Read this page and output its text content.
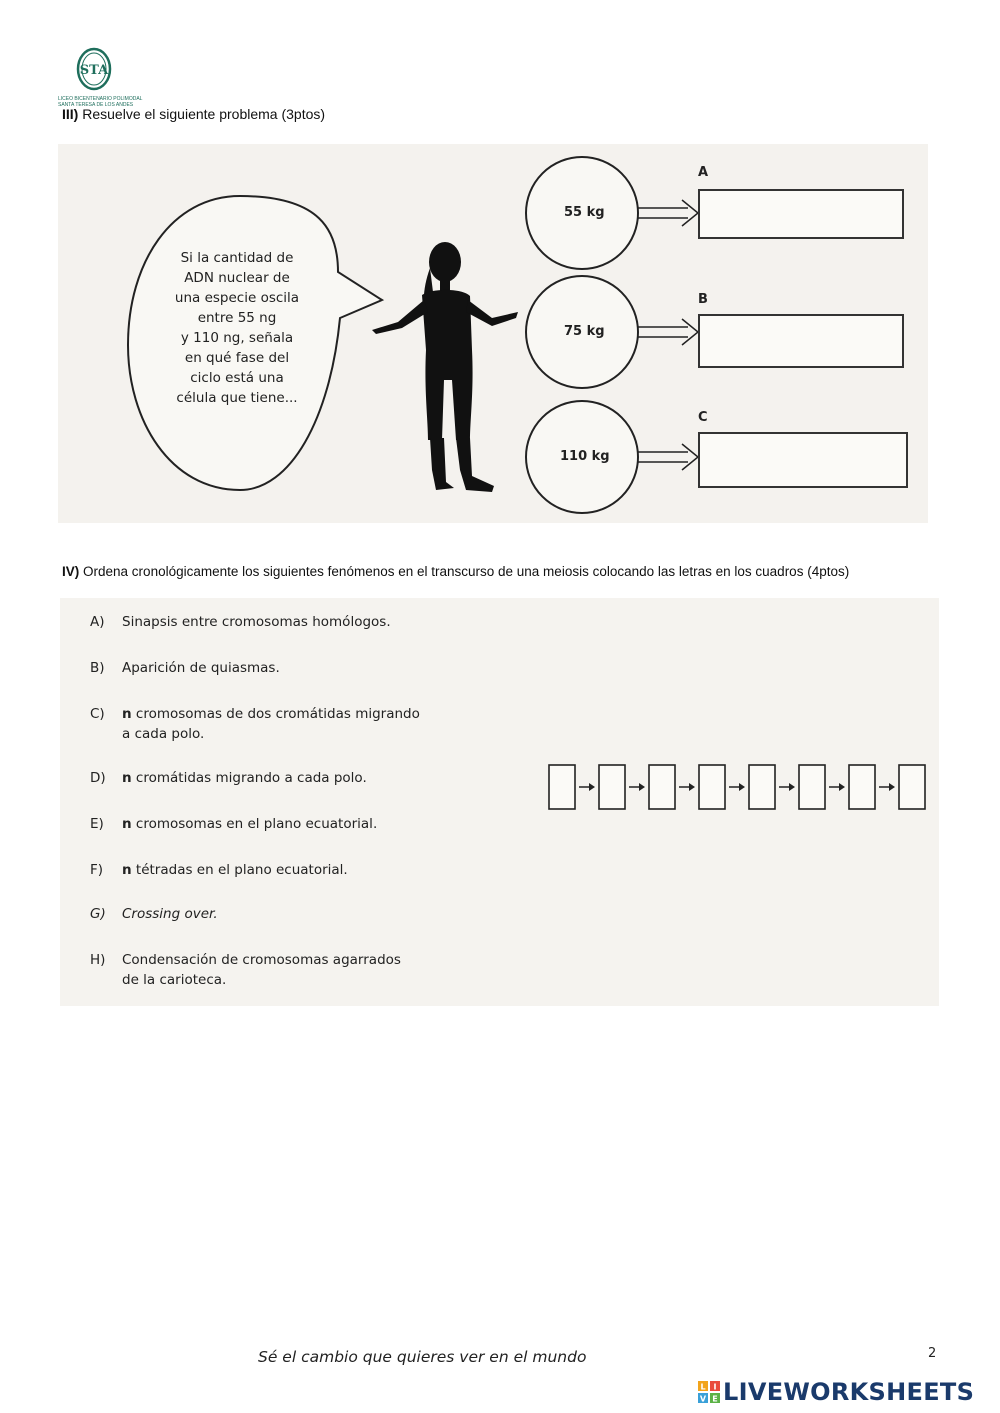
STA
LICEO BICENTENARIO POLIMODAL
SANTA TERESA DE LOS ANDES
III) Resuelve el siguiente problema (3ptos)
Si la cantidad de
ADN nuclear de
una especie oscila
entre 55 ng
y 110 ng, señala
en qué fase del
ciclo está una
célula que tiene...
55 kg
75 kg
110 kg
A
B
C
IV) Ordena cronológicamente los siguientes fenómenos en el transcurso de una meiosis colocando las letras en los cuadros (4ptos)
A) Sinapsis entre cromosomas homólogos.
B) Aparición de quiasmas.
C) n cromosomas de dos cromátidas migrando a cada polo.
D) n cromátidas migrando a cada polo.
E) n cromosomas en el plano ecuatorial.
F) n tétradas en el plano ecuatorial.
G) Crossing over.
H) Condensación de cromosomas agarrados de la carioteca.
Sé el cambio que quieres ver en el mundo	2
L I
V E LIVEWORKSHEETS
